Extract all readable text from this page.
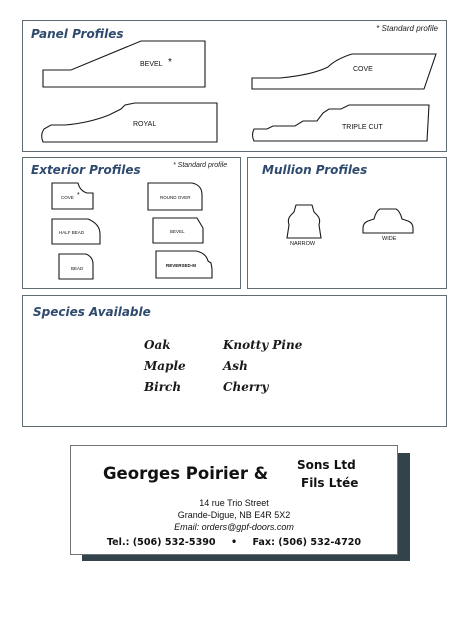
Panel Profiles	* Standard profile
BEVEL *
COVE
ROYAL	TRIPLE CUT
Exterior Profiles	* Standard profile
COVE *	ROUND OVER
HALF BEAD	BEVEL
BEAD
REVERSED-M
Mullion Profiles
NARROW
WIDE
Species Available
Oak
Maple
Birch
Knotty Pine
Ash
Cherry
Georges Poirier & Sons Ltd
Fils Ltée
14 rue Trio Street
Grande-Digue, NB E4R 5X2
Email: orders@gpf-doors.com
Tel.: (506) 532-5390 • Fax: (506) 532-4720
